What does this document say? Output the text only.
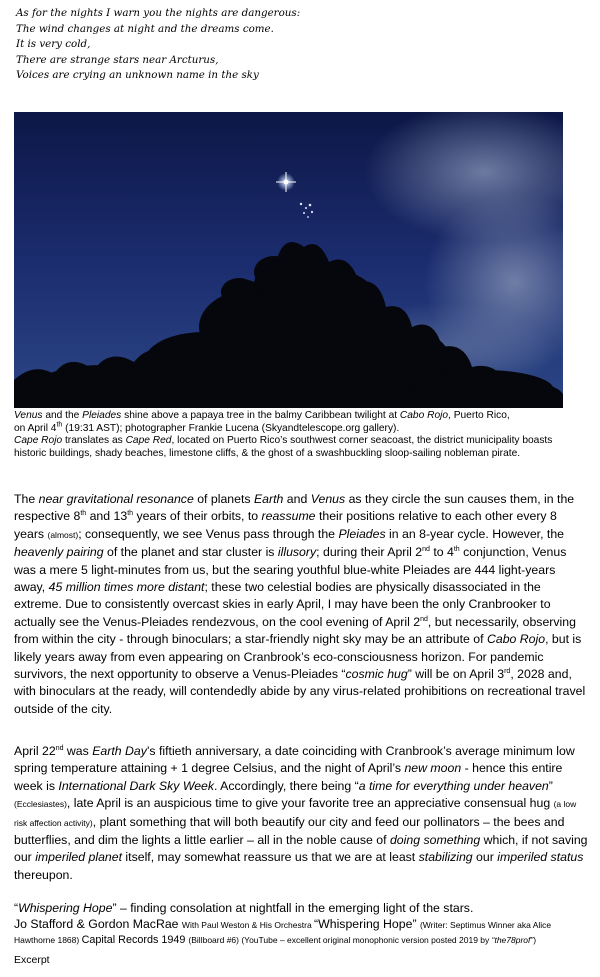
As for the nights I warn you the nights are dangerous:
The wind changes at night and the dreams come.
It is very cold,
There are strange stars near Arcturus,
Voices are crying an unknown name in the sky

Venus and the Pleiades shine above a papaya tree in the balmy Caribbean twilight at Cabo Rojo, Puerto Rico,
on April 4th (19:31 AST); photographer Frankie Lucena (Skyandtelescope.org gallery).

Cape Rojo translates as Cape Red, located on Puerto Rico’s southwest corner seacoast, the district municipality boasts historic buildings, shady beaches, limestone cliffs, & the ghost of a swashbuckling sloop-sailing nobleman pirate.

The near gravitational resonance of planets Earth and Venus as they circle the sun causes them, in the respective 8th and 13th years of their orbits, to reassume their positions relative to each other every 8 years (almost); consequently, we see Venus pass through the Pleiades in an 8-year cycle. However, the heavenly pairing of the planet and star cluster is illusory; during their April 2nd to 4th conjunction, Venus was a mere 5 light-minutes from us, but the searing youthful blue-white Pleiades are 444 light-years away, 45 million times more distant; these two celestial bodies are physically disassociated in the extreme. Due to consistently overcast skies in early April, I may have been the only Cranbrooker to actually see the Venus-Pleiades rendezvous, on the cool evening of April 2nd, but necessarily, observing from within the city - through binoculars; a star-friendly night sky may be an attribute of Cabo Rojo, but is likely years away from even appearing on Cranbrook’s eco-consciousness horizon. For pandemic survivors, the next opportunity to observe a Venus-Pleiades “cosmic hug” will be on April 3rd, 2028 and, with binoculars at the ready, will contendedly abide by any virus-related prohibitions on recreational travel outside of the city.

April 22nd was Earth Day’s fiftieth anniversary, a date coinciding with Cranbrook’s average minimum low spring temperature attaining + 1 degree Celsius, and the night of April’s new moon - hence this entire week is International Dark Sky Week. Accordingly, there being “a time for everything under heaven” (Ecclesiastes), late April is an auspicious time to give your favorite tree an appreciative consensual hug (a low risk affection activity), plant something that will both beautify our city and feed our pollinators – the bees and butterflies, and dim the lights a little earlier – all in the noble cause of doing something which, if not saving our imperiled planet itself, may somewhat reassure us that we are at least stabilizing our imperiled status thereupon.

“Whispering Hope” – finding consolation at nightfall in the emerging light of the stars.

Jo Stafford & Gordon MacRae With Paul Weston & His Orchestra “Whispering Hope” (Writer: Septimus Winner aka Alice Hawthorne 1868) Capital Records 1949 (Billboard #6) (YouTube – excellent original monophonic version posted 2019 by “the78prof”)
Excerpt
